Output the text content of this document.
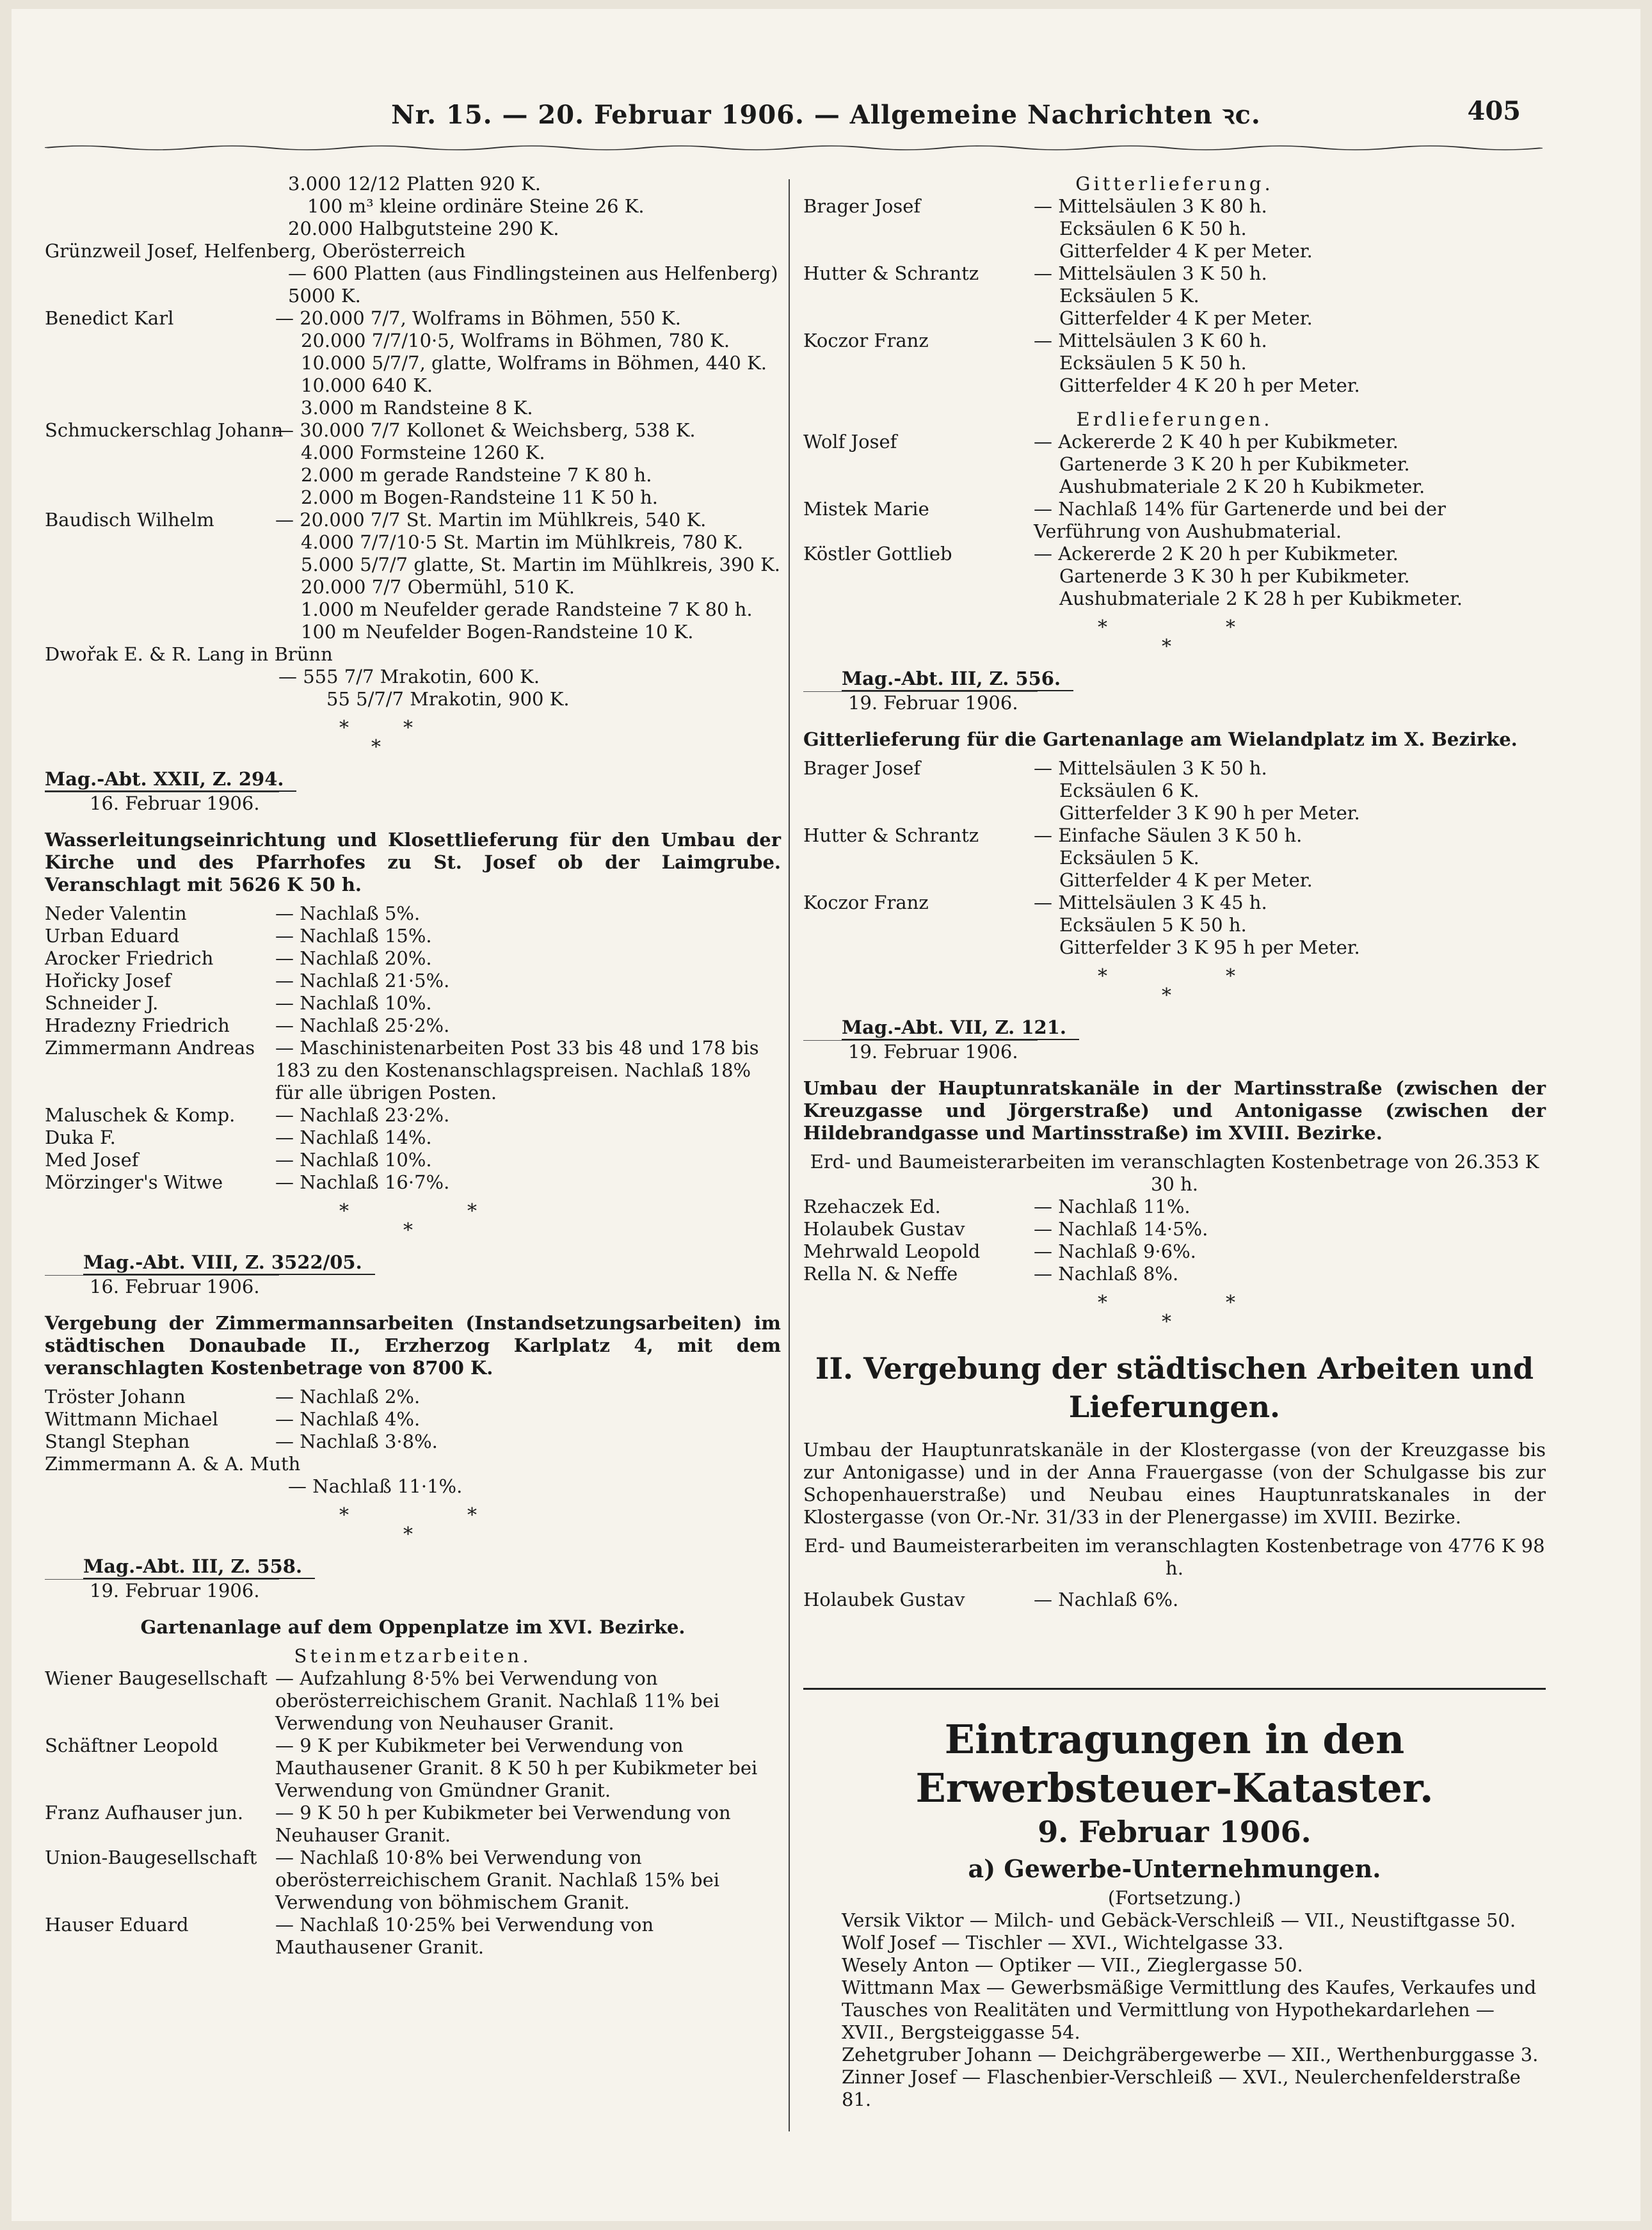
Nr. 15. — 20. Februar 1906. — Allgemeine Nachrichten ꝛc.	405
3.000 12/12 Platten 920 K.
100 m³ kleine ordinäre Steine 26 K.
20.000 Halbgutsteine 290 K.
Grünzweil Josef, Helfenberg, Oberösterreich
— 600 Platten (aus Findlingsteinen aus Helfenberg)
5000 K.
Benedict Karl	— 20.000 7/7, Wolframs in Böhmen, 550 K.
20.000 7/7/10·5, Wolframs in Böhmen, 780 K.
10.000 5/7/7, glatte, Wolframs in Böhmen, 440 K.
10.000 640 K.
3.000 m Randsteine 8 K.
Schmuckerschlag Johann
— 30.000 7/7 Kollonet & Weichsberg, 538 K.
4.000 Formsteine 1260 K.
2.000 m gerade Randsteine 7 K 80 h.
2.000 m Bogen-Randsteine 11 K 50 h.
Baudisch Wilhelm	— 20.000 7/7 St. Martin im Mühlkreis, 540 K.
4.000 7/7/10·5 St. Martin im Mühlkreis, 780 K.
5.000 5/7/7 glatte, St. Martin im Mühlkreis, 390 K.
20.000 7/7 Obermühl, 510 K.
1.000 m Neufelder gerade Randsteine 7 K 80 h.
100 m Neufelder Bogen-Randsteine 10 K.
Dwořak E. & R. Lang in Brünn
— 555 7/7 Mrakotin, 600 K.
55 5/7/7 Mrakotin, 900 K.
*	*
*
Mag.-Abt. XXII, Z. 294.
16. Februar 1906.
Wasserleitungseinrichtung und Klosettlieferung für den Umbau der Kirche und des Pfarrhofes zu St. Josef ob der Laimgrube. Veranschlagt mit 5626 K 50 h.
Neder Valentin	— Nachlaß 5%.
Urban Eduard	— Nachlaß 15%.
Arocker Friedrich	— Nachlaß 20%.
Hořicky Josef	— Nachlaß 21·5%.
Schneider J.	— Nachlaß 10%.
Hradezny Friedrich	— Nachlaß 25·2%.
Zimmermann Andreas	— Maschinistenarbeiten Post 33 bis 48 und 178 bis 183 zu den Kostenanschlagspreisen. Nachlaß 18% für alle übrigen Posten.
Maluschek & Komp.	— Nachlaß 23·2%.
Duka F.	— Nachlaß 14%.
Med Josef	— Nachlaß 10%.
Mörzinger's Witwe	— Nachlaß 16·7%.
*	*
*
Mag.-Abt. VIII, Z. 3522/05.
16. Februar 1906.
Vergebung der Zimmermannsarbeiten (Instandsetzungsarbeiten) im städtischen Donaubade II., Erzherzog Karlplatz 4, mit dem veranschlagten Kostenbetrage von 8700 K.
Tröster Johann	— Nachlaß 2%.
Wittmann Michael	— Nachlaß 4%.
Stangl Stephan	— Nachlaß 3·8%.
Zimmermann A. & A. Muth
— Nachlaß 11·1%.
*	*
*
Mag.-Abt. III, Z. 558.
19. Februar 1906.
Gartenanlage auf dem Oppenplatze im XVI. Bezirke.
Steinmetzarbeiten.
Wiener Baugesellschaft — Aufzahlung 8·5% bei Verwendung von oberösterreichischem Granit. Nachlaß 11% bei Verwendung von Neuhauser Granit.
Schäftner Leopold	— 9 K per Kubikmeter bei Verwendung von Mauthausener Granit. 8 K 50 h per Kubikmeter bei Verwendung von Gmündner Granit.
Franz Aufhauser jun.	— 9 K 50 h per Kubikmeter bei Verwendung von Neuhauser Granit.
Union-Baugesellschaft — Nachlaß 10·8% bei Verwendung von oberösterreichischem Granit. Nachlaß 15% bei Verwendung von böhmischem Granit.
Hauser Eduard	— Nachlaß 10·25% bei Verwendung von Mauthausener Granit.
Gitterlieferung.
Brager Josef	— Mittelsäulen 3 K 80 h.
Ecksäulen 6 K 50 h.
Gitterfelder 4 K per Meter.
Hutter & Schrantz	— Mittelsäulen 3 K 50 h.
Ecksäulen 5 K.
Gitterfelder 4 K per Meter.
Koczor Franz	— Mittelsäulen 3 K 60 h.
Ecksäulen 5 K 50 h.
Gitterfelder 4 K 20 h per Meter.
Erdlieferungen.
Wolf Josef	— Ackererde 2 K 40 h per Kubikmeter.
Gartenerde 3 K 20 h per Kubikmeter.
Aushubmateriale 2 K 20 h Kubikmeter.
Mistek Marie	— Nachlaß 14% für Gartenerde und bei der Verführung von Aushubmaterial.
Köstler Gottlieb	— Ackererde 2 K 20 h per Kubikmeter.
Gartenerde 3 K 30 h per Kubikmeter.
Aushubmateriale 2 K 28 h per Kubikmeter.
*	*
*
Mag.-Abt. III, Z. 556.
19. Februar 1906.
Gitterlieferung für die Gartenanlage am Wielandplatz im X. Bezirke.
Brager Josef	— Mittelsäulen 3 K 50 h.
Ecksäulen 6 K.
Gitterfelder 3 K 90 h per Meter.
Hutter & Schrantz	— Einfache Säulen 3 K 50 h.
Ecksäulen 5 K.
Gitterfelder 4 K per Meter.
Koczor Franz	— Mittelsäulen 3 K 45 h.
Ecksäulen 5 K 50 h.
Gitterfelder 3 K 95 h per Meter.
*	*
*
Mag.-Abt. VII, Z. 121.
19. Februar 1906.
Umbau der Hauptunratskanäle in der Martinsstraße (zwischen der Kreuzgasse und Jörgerstraße) und Antonigasse (zwischen der Hildebrandgasse und Martinsstraße) im XVIII. Bezirke.
Erd- und Baumeisterarbeiten im veranschlagten Kostenbetrage von 26.353 K 30 h.
Rzehaczek Ed.	— Nachlaß 11%.
Holaubek Gustav	— Nachlaß 14·5%.
Mehrwald Leopold	— Nachlaß 9·6%.
Rella N. & Neffe	— Nachlaß 8%.
*	*
*
II. Vergebung der städtischen Arbeiten und
Lieferungen.
Umbau der Hauptunratskanäle in der Klostergasse (von der Kreuzgasse bis zur Antonigasse) und in der Anna Frauergasse (von der Schulgasse bis zur Schopenhauerstraße) und Neubau eines Hauptunratskanales in der Klostergasse (von Or.-Nr. 31/33 in der Plenergasse) im XVIII. Bezirke.
Erd- und Baumeisterarbeiten im veranschlagten Kostenbetrage von 4776 K 98 h.
Holaubek Gustav	— Nachlaß 6%.
Eintragungen in den Erwerbsteuer-Kataster.
9. Februar 1906.
a) Gewerbe-Unternehmungen.
(Fortsetzung.)
Versik Viktor — Milch- und Gebäck-Verschleiß — VII., Neustiftgasse 50.
Wolf Josef — Tischler — XVI., Wichtelgasse 33.
Wesely Anton — Optiker — VII., Zieglergasse 50.
Wittmann Max — Gewerbsmäßige Vermittlung des Kaufes, Verkaufes und Tausches von Realitäten und Vermittlung von Hypothekardarlehen — XVII., Bergsteiggasse 54.
Zehetgruber Johann — Deichgräbergewerbe — XII., Werthenburggasse 3.
Zinner Josef — Flaschenbier-Verschleiß — XVI., Neulerchenfelderstraße 81.
